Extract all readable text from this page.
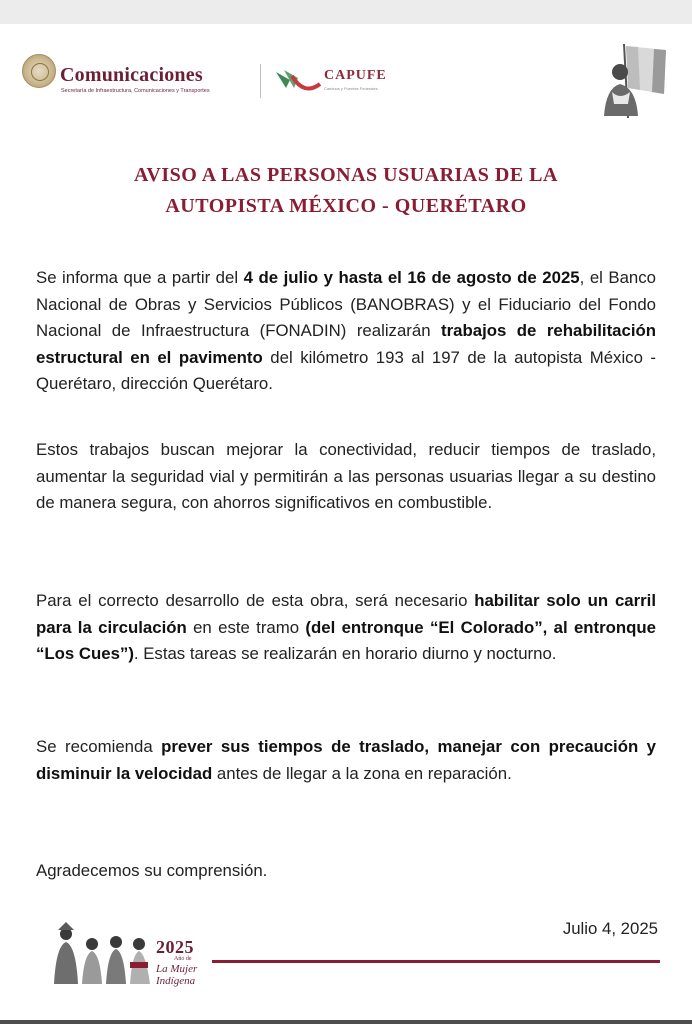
Comunicaciones
Secretaría de Infraestructura, Comunicaciones y Transportes
CAPUFE
Caminos y Puentes Federales
AVISO A LAS PERSONAS USUARIAS DE LA
AUTOPISTA MÉXICO - QUERÉTARO
Se informa que a partir del 4 de julio y hasta el 16 de agosto de 2025, el Banco Nacional de Obras y Servicios Públicos (BANOBRAS) y el Fiduciario del Fondo Nacional de Infraestructura (FONADIN) realizarán trabajos de rehabilitación estructural en el pavimento del kilómetro 193 al 197 de la autopista México - Querétaro, dirección Querétaro.
Estos trabajos buscan mejorar la conectividad, reducir tiempos de traslado, aumentar la seguridad vial y permitirán a las personas usuarias llegar a su destino de manera segura, con ahorros significativos en combustible.
Para el correcto desarrollo de esta obra, será necesario habilitar solo un carril para la circulación en este tramo (del entronque “El Colorado”, al entronque “Los Cues”). Estas tareas se realizarán en horario diurno y nocturno.
Se recomienda prever sus tiempos de traslado, manejar con precaución y disminuir la velocidad antes de llegar a la zona en reparación.
Agradecemos su comprensión.
Julio 4, 2025
2025
Año de
La Mujer
Indígena
